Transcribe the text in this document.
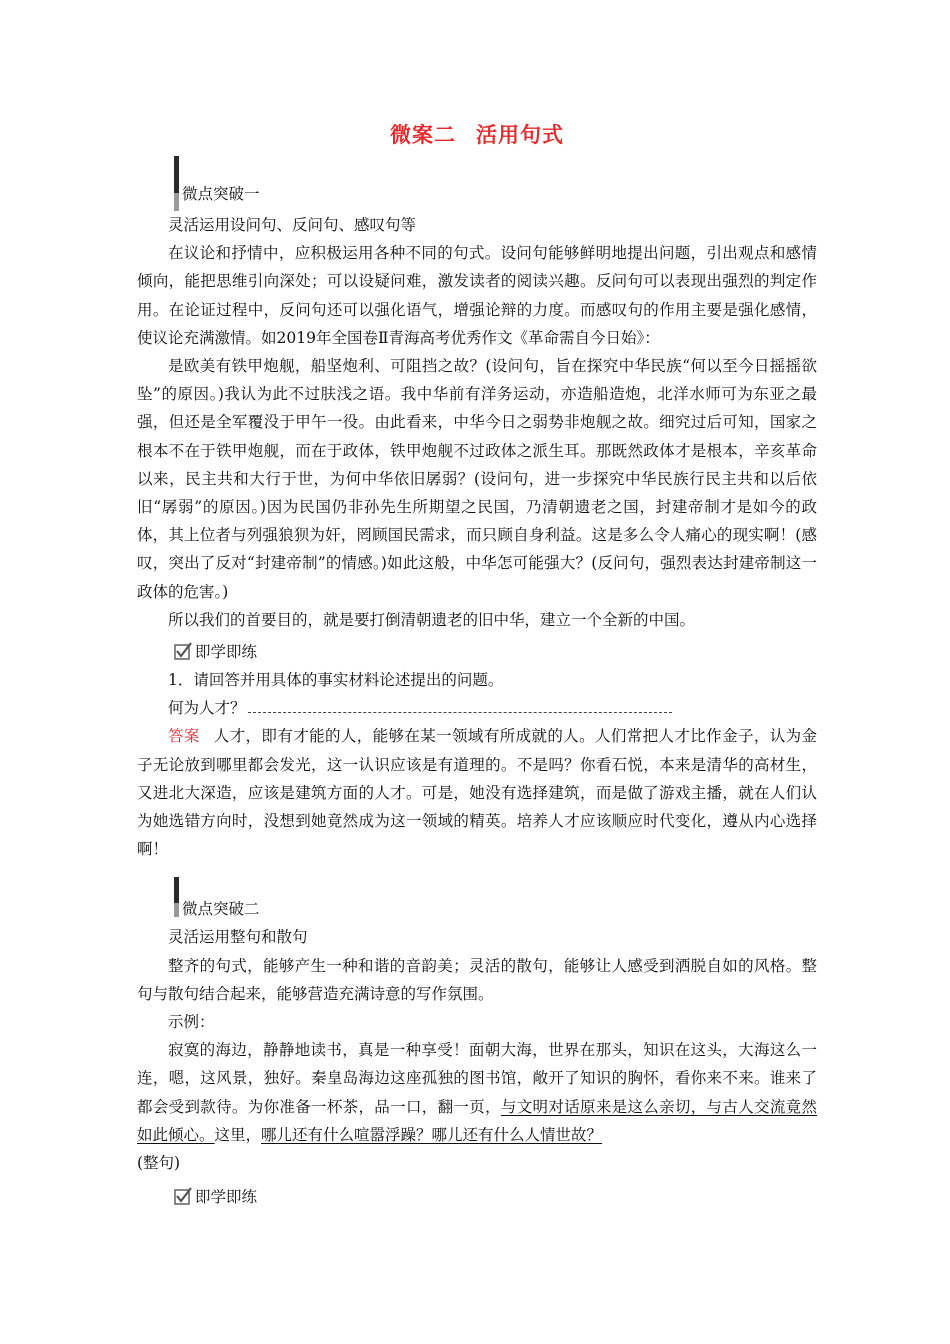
微案二 活用句式

微点突破一

灵活运用设问句、反问句、感叹句等

在议论和抒情中，应积极运用各种不同的句式。设问句能够鲜明地提出问题，引出观点和感情倾向，能把思维引向深处；可以设疑问难，激发读者的阅读兴趣。反问句可以表现出强烈的判定作用。在论证过程中，反问句还可以强化语气，增强论辩的力度。而感叹句的作用主要是强化感情，使议论充满激情。如2019年全国卷Ⅱ青海高考优秀作文《革命需自今日始》：

是欧美有铁甲炮舰，船坚炮利、可阻挡之故？(设问句，旨在探究中华民族“何以至今日摇摇欲坠”的原因。)我认为此不过肤浅之语。我中华前有洋务运动，亦造船造炮，北洋水师可为东亚之最强，但还是全军覆没于甲午一役。由此看来，中华今日之弱势非炮舰之故。细究过后可知，国家之根本不在于铁甲炮舰，而在于政体，铁甲炮舰不过政体之派生耳。那既然政体才是根本，辛亥革命以来，民主共和大行于世，为何中华依旧孱弱？(设问句，进一步探究中华民族行民主共和以后依旧“孱弱”的原因。)因为民国仍非孙先生所期望之民国，乃清朝遗老之国，封建帝制才是如今的政体，其上位者与列强狼狈为奸，罔顾国民需求，而只顾自身利益。这是多么令人痛心的现实啊！(感叹，突出了反对“封建帝制”的情感。)如此这般，中华怎可能强大？(反问句，强烈表达封建帝制这一政体的危害。)

所以我们的首要目的，就是要打倒清朝遗老的旧中华，建立一个全新的中国。

即学即练

1．请回答并用具体的事实材料论述提出的问题。

何为人才？

答案 人才，即有才能的人，能够在某一领域有所成就的人。人们常把人才比作金子，认为金子无论放到哪里都会发光，这一认识应该是有道理的。不是吗？你看石悦，本来是清华的高材生，又进北大深造，应该是建筑方面的人才。可是，她没有选择建筑，而是做了游戏主播，就在人们认为她选错方向时，没想到她竟然成为这一领域的精英。培养人才应该顺应时代变化，遵从内心选择啊！

微点突破二

灵活运用整句和散句

整齐的句式，能够产生一种和谐的音韵美；灵活的散句，能够让人感受到洒脱自如的风格。整句与散句结合起来，能够营造充满诗意的写作氛围。

示例：

寂寞的海边，静静地读书，真是一种享受！面朝大海，世界在那头，知识在这头，大海这么一连，嗯，这风景，独好。秦皇岛海边这座孤独的图书馆，敞开了知识的胸怀，看你来不来。谁来了都会受到款待。为你准备一杯茶，品一口，翻一页，与文明对话原来是这么亲切，与古人交流竟然如此倾心。这里，哪儿还有什么喧嚣浮躁？哪儿还有什么人情世故？
(整句)

即学即练
